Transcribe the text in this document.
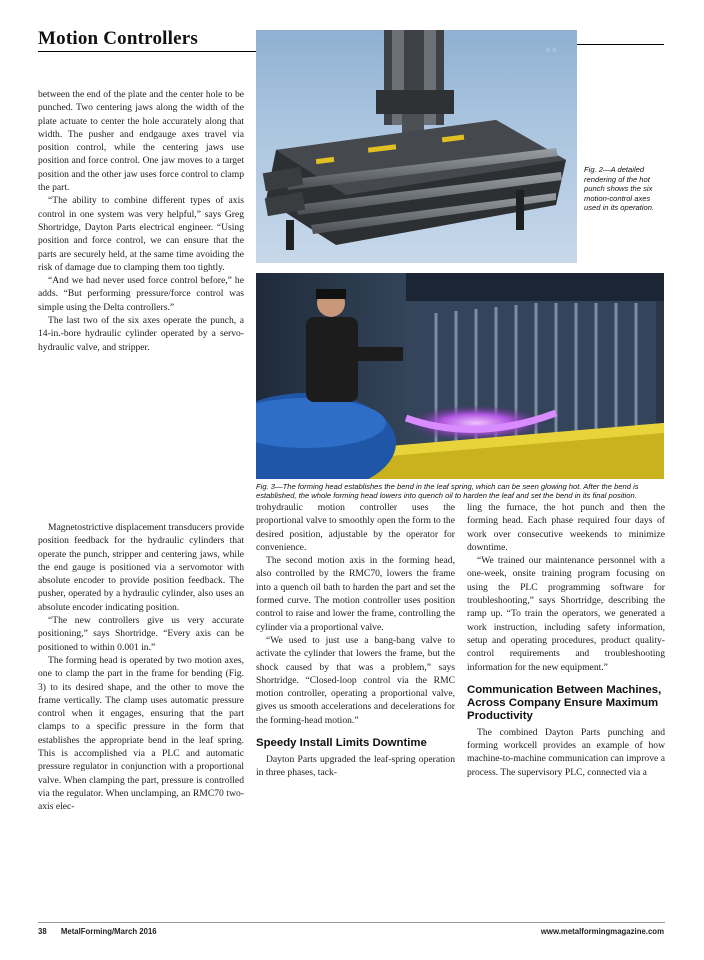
Motion Controllers

between the end of the plate and the center hole to be punched. Two centering jaws along the width of the plate actuate to center the hole accurately along that width. The pusher and endgauge axes travel via position control, while the centering jaws use position and force control. One jaw moves to a target position and the other jaw uses force control to clamp the part.

“The ability to combine different types of axis control in one system was very helpful,” says Greg Shortridge, Dayton Parts electrical engineer. “Using position and force control, we can ensure that the parts are securely held, at the same time avoiding the risk of damage due to clamping them too tightly.

“And we had never used force control before,” he adds. “But performing pressure/force control was simple using the Delta controllers.”

The last two of the six axes operate the punch, a 14-in.-bore hydraulic cylinder operated by a servo-hydraulic valve, and stripper.

Magnetostrictive displacement transducers provide position feedback for the hydraulic cylinders that operate the punch, stripper and centering jaws, while the end gauge is positioned via a servomotor with absolute encoder to provide position feedback. The pusher, operated by a hydraulic cylinder, also uses an absolute encoder indicating position.

“The new controllers give us very accurate positioning,” says Shortridge. “Every axis can be positioned to within 0.001 in.”

The forming head is operated by two motion axes, one to clamp the part in the frame for bending (Fig. 3) to its desired shape, and the other to move the frame vertically. The clamp uses automatic pressure control when it engages, ensuring that the part clamps to a specific pressure in the form that establishes the appropriate bend in the leaf spring. This is accomplished via a PLC and automatic pressure regulator in conjunction with a proportional valve. When clamping the part, pressure is controlled via the regulator. When unclamping, an RMC70 two-axis elec-

○ ○
Fig. 2—A detailed rendering of the hot punch shows the six motion-control axes used in its operation.
Fig. 3—The forming head establishes the bend in the leaf spring, which can be seen glowing hot. After the bend is established, the whole forming head lowers into quench oil to harden the leaf and set the bend in its final position.

trohydraulic motion controller uses the proportional valve to smoothly open the form to the desired position, adjustable by the operator for convenience.

The second motion axis in the forming head, also controlled by the RMC70, lowers the frame into a quench oil bath to harden the part and set the formed curve. The motion controller uses position control to raise and lower the frame, controlling the cylinder via a proportional valve.

“We used to just use a bang-bang valve to activate the cylinder that lowers the frame, but the shock caused by that was a problem,” says Shortridge. “Closed-loop control via the RMC motion controller, operating a proportional valve, gives us smooth accelerations and decelerations for the forming-head motion.”

Speedy Install Limits Downtime

Dayton Parts upgraded the leaf-spring operation in three phases, tack-

ling the furnace, the hot punch and then the forming head. Each phase required four days of work over consecutive weekends to minimize downtime.

“We trained our maintenance personnel with a one-week, onsite training program focusing on using the PLC programming software for troubleshooting,” says Shortridge, describing the ramp up. “To train the operators, we generated a work instruction, including safety information, setup and operating procedures, product quality-control requirements and troubleshooting information for the new equipment.”

Communication Between Machines, Across Company Ensure Maximum Productivity

The combined Dayton Parts punching and forming workcell provides an example of how machine-to-machine communication can improve a process. The supervisory PLC, connected via a

38 MetalForming/March 2016	www.metalformingmagazine.com
